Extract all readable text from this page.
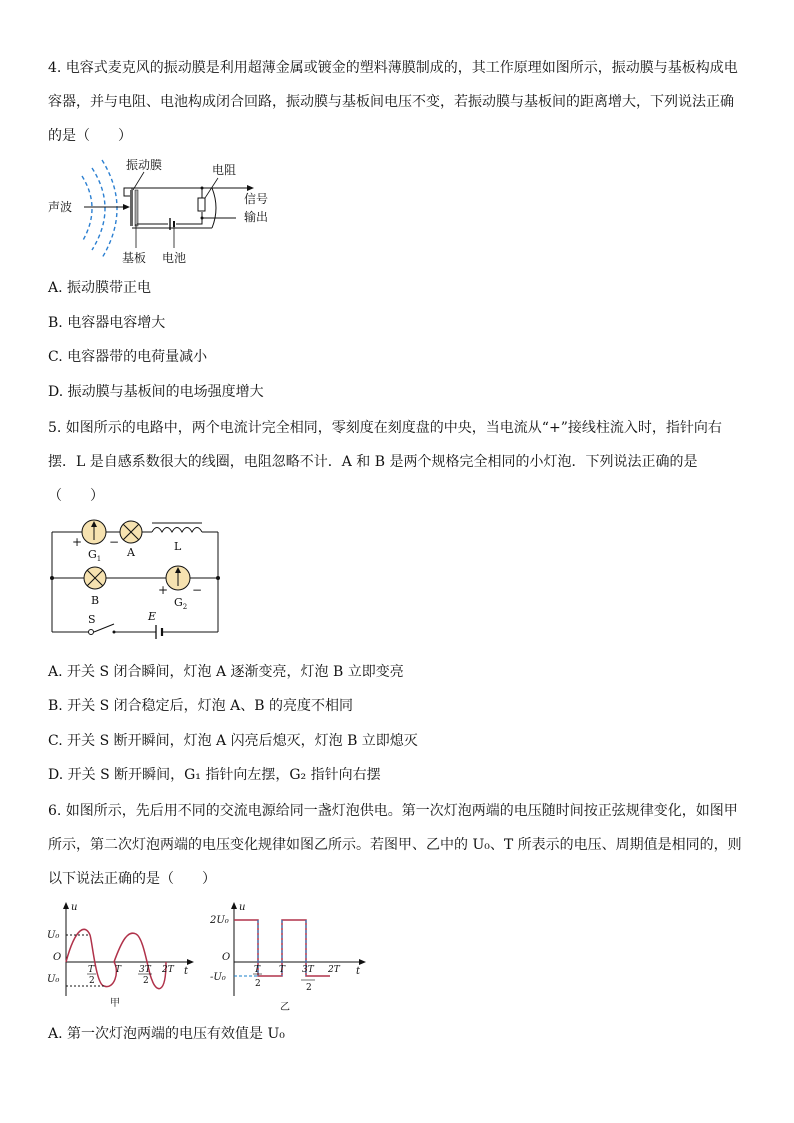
4. 电容式麦克风的振动膜是利用超薄金属或镀金的塑料薄膜制成的，其工作原理如图所示，振动膜与基板构成电
容器，并与电阻、电池构成闭合回路，振动膜与基板间电压不变，若振动膜与基板间的距离增大，下列说法正确
的是（　　）
声波
振动膜	电阻
信号
输出
基板 电池
A. 振动膜带正电
B. 电容器电容增大
C. 电容器带的电荷量减小
D. 振动膜与基板间的电场强度增大
5. 如图所示的电路中，两个电流计完全相同，零刻度在刻度盘的中央，当电流从“+”接线柱流入时，指针向右
摆．L 是自感系数很大的线圈，电阻忽略不计．A 和 B 是两个规格完全相同的小灯泡．下列说法正确的是
（　　）
+ −
$G_1$ A	L
B
+ −
$G_2$
S	E
A. 开关 S 闭合瞬间，灯泡 A 逐渐变亮，灯泡 B 立即变亮
B. 开关 S 闭合稳定后，灯泡 A、B 的亮度不相同
C. 开关 S 断开瞬间，灯泡 A 闪亮后熄灭，灯泡 B 立即熄灭
D. 开关 S 断开瞬间，G₁ 指针向左摆，G₂ 指针向右摆
6. 如图所示，先后用不同的交流电源给同一盏灯泡供电。第一次灯泡两端的电压随时间按正弦规律变化，如图甲
所示，第二次灯泡两端的电压变化规律如图乙所示。若图甲、乙中的 U₀、T 所表示的电压、周期值是相同的，则
以下说法正确的是（　　）
u
U₀
O
U₀
t
T
2
T 3T
2
2T
甲
u
2U₀
O
-U₀
t
T
2
T 3T
2
2T
乙
A. 第一次灯泡两端的电压有效值是 U₀
